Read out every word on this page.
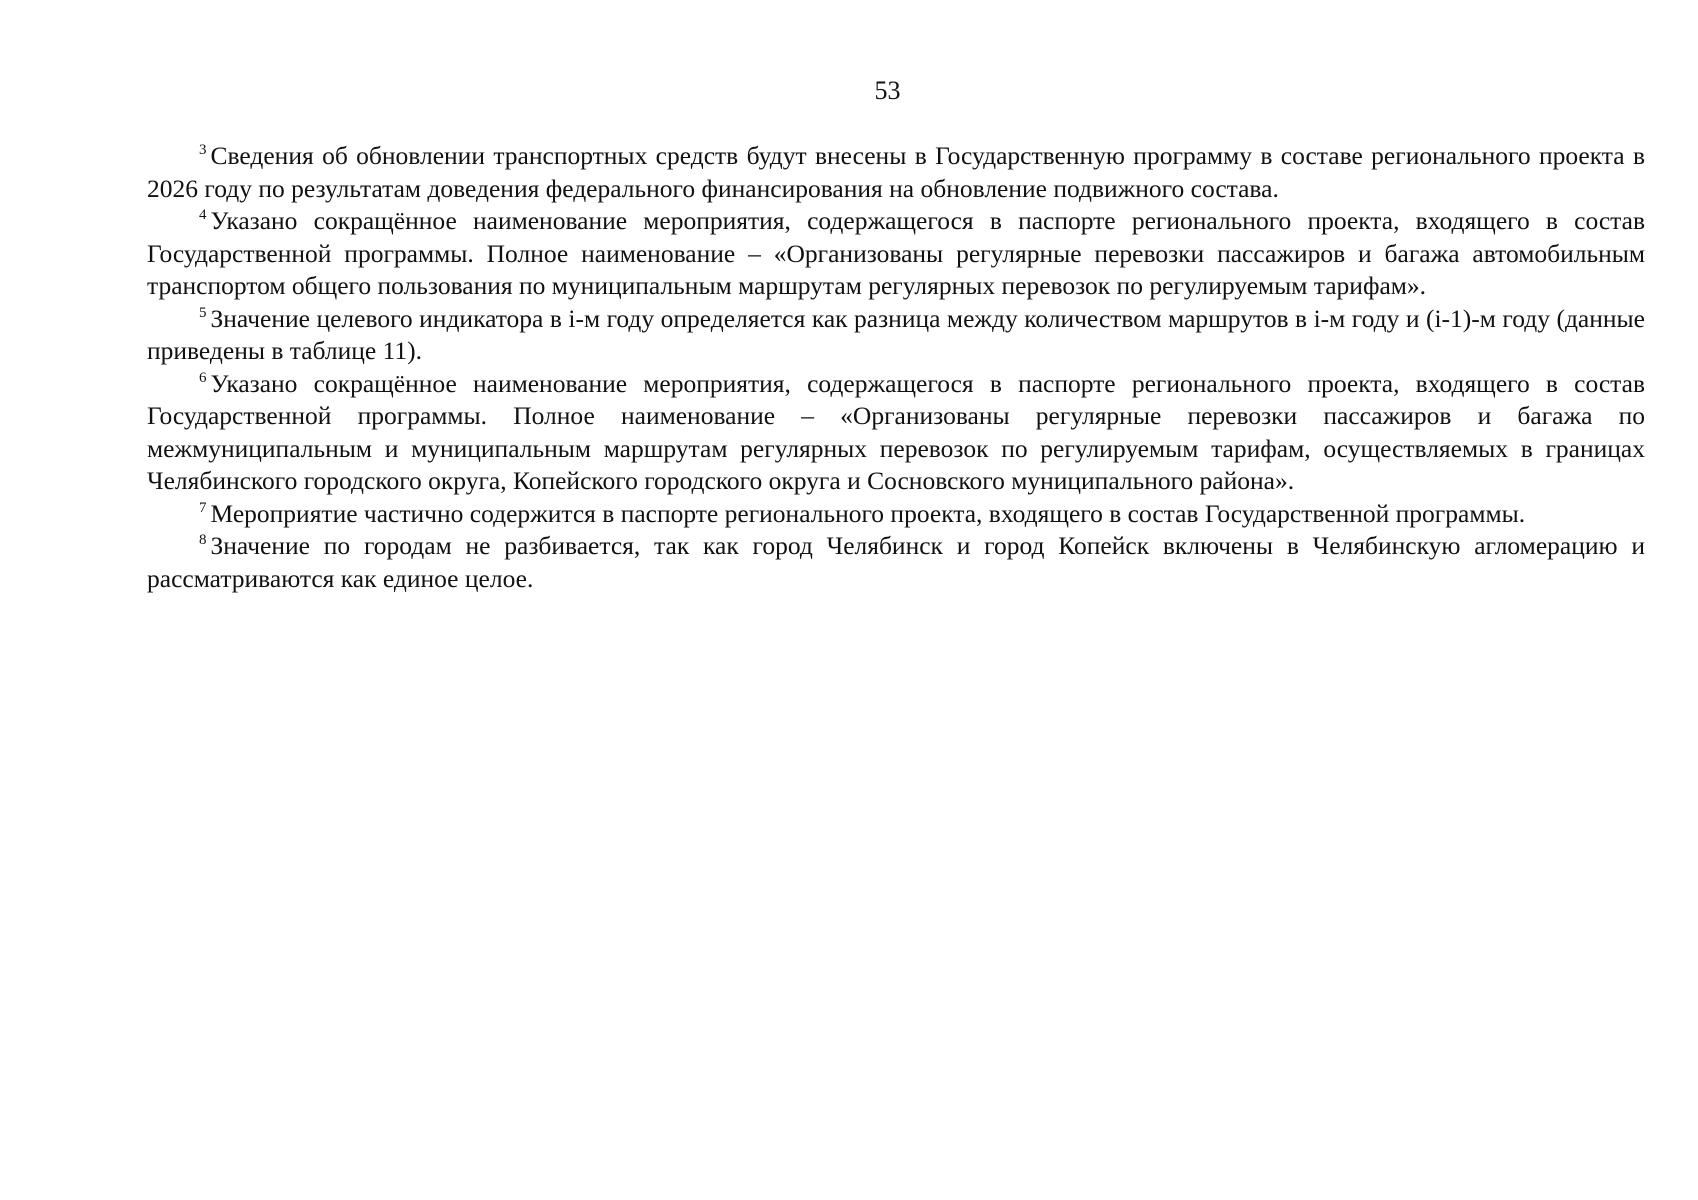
53

$^3$ Сведения об обновлении транспортных средств будут внесены в Государственную программу в составе регионального проекта в 2026 году по результатам доведения федерального финансирования на обновление подвижного состава.

$^4$ Указано сокращённое наименование мероприятия, содержащегося в паспорте регионального проекта, входящего в состав Государственной программы. Полное наименование – «Организованы регулярные перевозки пассажиров и багажа автомобильным транспортом общего пользования по муниципальным маршрутам регулярных перевозок по регулируемым тарифам».

$^5$ Значение целевого индикатора в i-м году определяется как разница между количеством маршрутов в i-м году и (i-1)-м году (данные приведены в таблице 11).

$^6$ Указано сокращённое наименование мероприятия, содержащегося в паспорте регионального проекта, входящего в состав Государственной программы. Полное наименование – «Организованы регулярные перевозки пассажиров и багажа по межмуниципальным и муниципальным маршрутам регулярных перевозок по регулируемым тарифам, осуществляемых в границах Челябинского городского округа, Копейского городского округа и Сосновского муниципального района».

$^7$ Мероприятие частично содержится в паспорте регионального проекта, входящего в состав Государственной программы.

$^8$ Значение по городам не разбивается, так как город Челябинск и город Копейск включены в Челябинскую агломерацию и рассматриваются как единое целое.
